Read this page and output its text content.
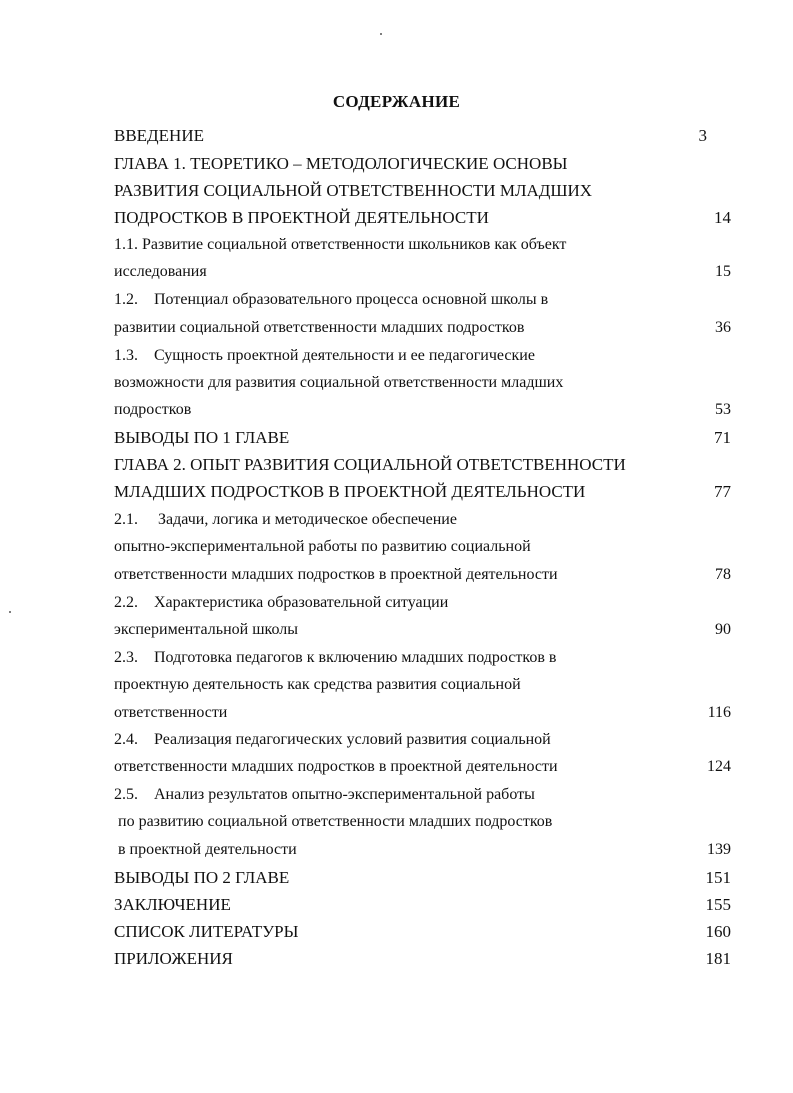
СОДЕРЖАНИЕ
ВВЕДЕНИЕ	3
ГЛАВА 1. ТЕОРЕТИКО – МЕТОДОЛОГИЧЕСКИЕ ОСНОВЫ
РАЗВИТИЯ СОЦИАЛЬНОЙ ОТВЕТСТВЕННОСТИ МЛАДШИХ
ПОДРОСТКОВ В ПРОЕКТНОЙ ДЕЯТЕЛЬНОСТИ	14
1.1. Развитие социальной ответственности школьников как объект
исследования	15
1.2.    Потенциал образовательного процесса основной школы в
развитии социальной ответственности младших подростков	36
1.3.    Сущность проектной деятельности и ее педагогические
возможности для развития социальной ответственности младших
подростков	53
ВЫВОДЫ ПО 1 ГЛАВЕ	71
ГЛАВА 2. ОПЫТ РАЗВИТИЯ СОЦИАЛЬНОЙ ОТВЕТСТВЕННОСТИ
МЛАДШИХ ПОДРОСТКОВ В ПРОЕКТНОЙ ДЕЯТЕЛЬНОСТИ	77
2.1.     Задачи, логика и методическое обеспечение
опытно-экспериментальной работы по развитию социальной
ответственности младших подростков в проектной деятельности	78
2.2.    Характеристика образовательной ситуации
экспериментальной школы	90
2.3.    Подготовка педагогов к включению младших подростков в
проектную деятельность как средства развития социальной
ответственности	116
2.4.    Реализация педагогических условий развития социальной
ответственности младших подростков в проектной деятельности	124
2.5.    Анализ результатов опытно-экспериментальной работы
по развитию социальной ответственности младших подростков
в проектной деятельности	139
ВЫВОДЫ ПО 2 ГЛАВЕ	151
ЗАКЛЮЧЕНИЕ	155
СПИСОК ЛИТЕРАТУРЫ	160
ПРИЛОЖЕНИЯ	181
